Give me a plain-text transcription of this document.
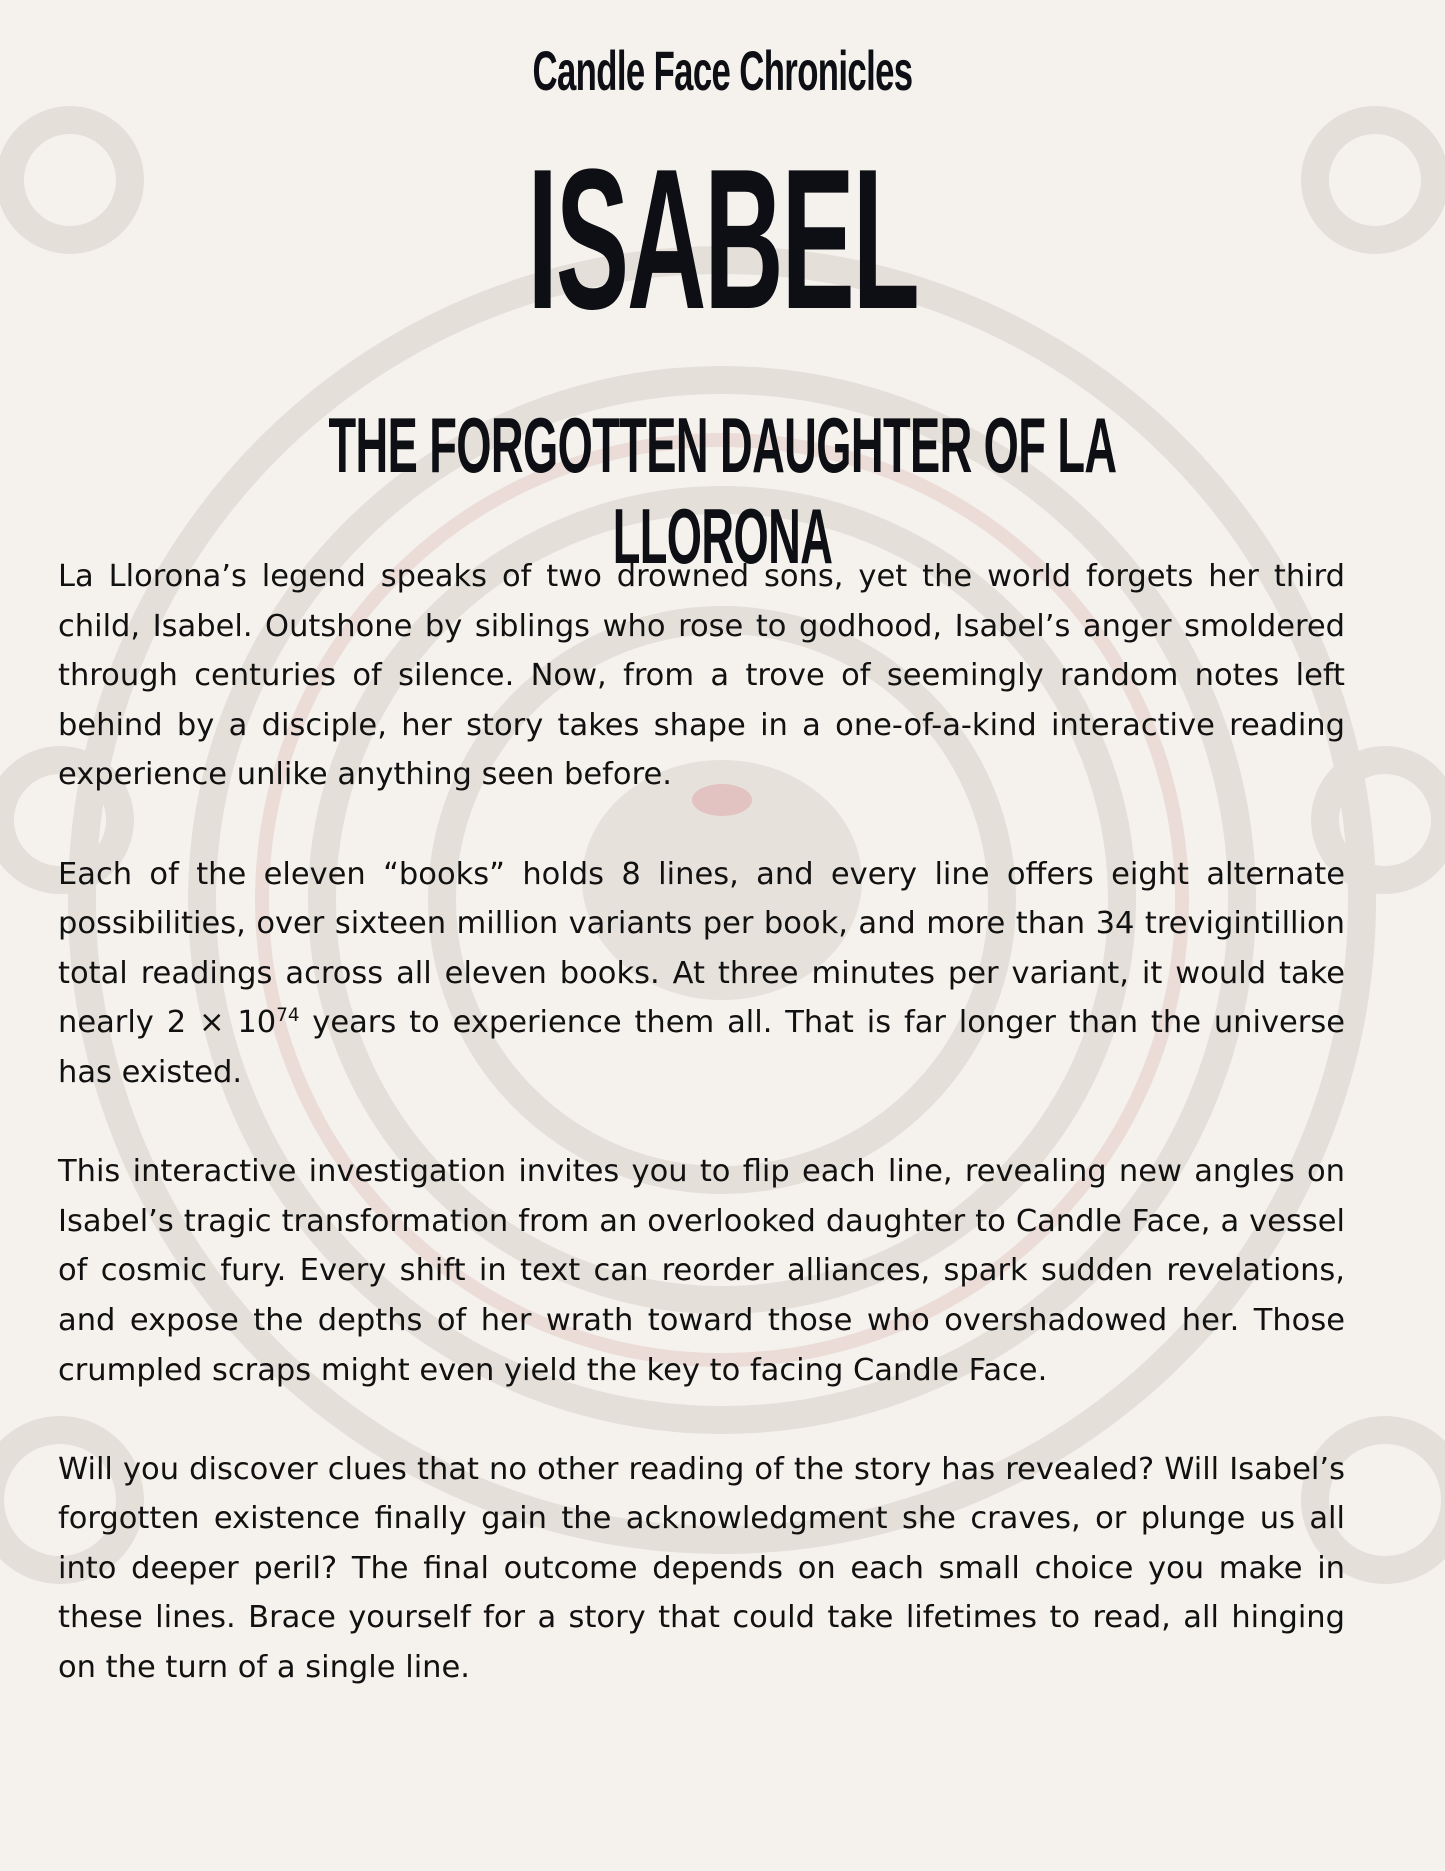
Candle Face Chronicles
ISABEL
THE FORGOTTEN DAUGHTER OF LA LLORONA

La Llorona’s legend speaks of two drowned sons, yet the world forgets her third child, Isabel. Outshone by siblings who rose to godhood, Isabel’s anger smoldered through centuries of silence. Now, from a trove of seemingly random notes left behind by a disciple, her story takes shape in a one-of-a-kind interactive reading experience unlike anything seen before.

Each of the eleven “books” holds 8 lines, and every line offers eight alternate possibilities, over sixteen million variants per book, and more than 34 trevigintillion total readings across all eleven books. At three minutes per variant, it would take nearly $2 \times 10^{74}$ years to experience them all. That is far longer than the universe has existed.

This interactive investigation invites you to flip each line, revealing new angles on Isabel’s tragic transformation from an overlooked daughter to Candle Face, a vessel of cosmic fury. Every shift in text can reorder alliances, spark sudden revelations, and expose the depths of her wrath toward those who overshadowed her. Those crumpled scraps might even yield the key to facing Candle Face.

Will you discover clues that no other reading of the story has revealed? Will Isabel’s forgotten existence finally gain the acknowledgment she craves, or plunge us all into deeper peril? The final outcome depends on each small choice you make in these lines. Brace yourself for a story that could take lifetimes to read, all hinging on the turn of a single line.
